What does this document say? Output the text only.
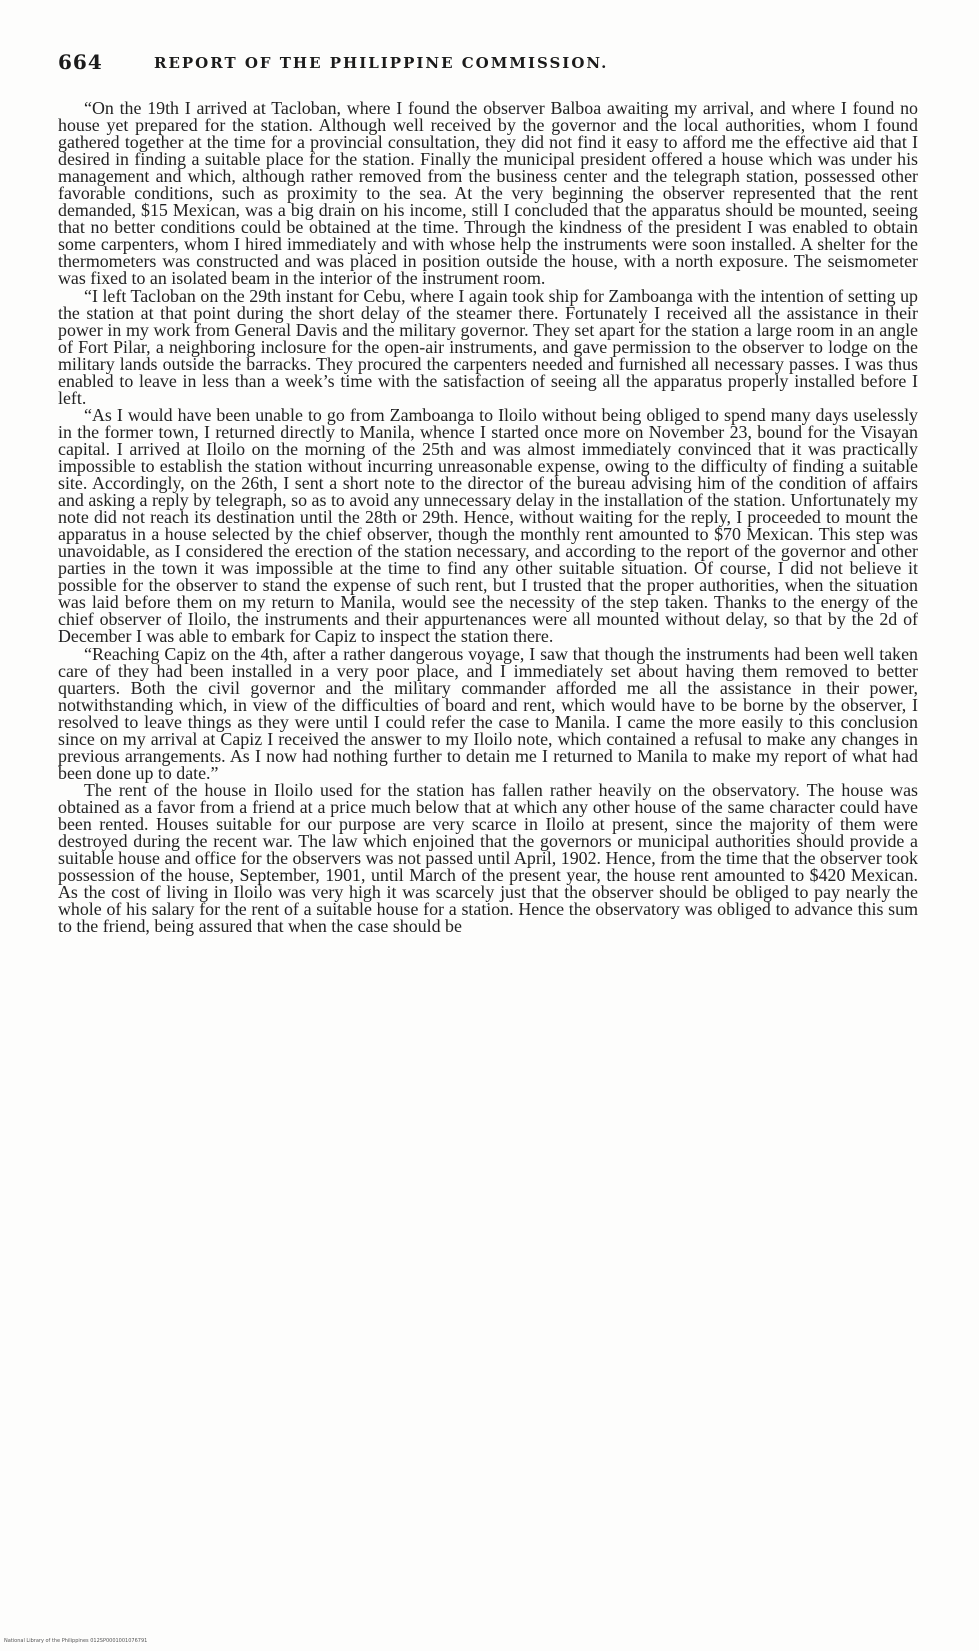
664	REPORT OF THE PHILIPPINE COMMISSION.

“On the 19th I arrived at Tacloban, where I found the observer Balboa awaiting my arrival, and where I found no house yet prepared for the station. Although well received by the governor and the local authorities, whom I found gathered together at the time for a provincial consultation, they did not find it easy to afford me the effective aid that I desired in finding a suitable place for the station. Finally the municipal president offered a house which was under his management and which, although rather removed from the business center and the telegraph station, possessed other favorable conditions, such as proximity to the sea. At the very beginning the observer represented that the rent demanded, $15 Mexican, was a big drain on his income, still I concluded that the apparatus should be mounted, seeing that no better conditions could be obtained at the time. Through the kindness of the president I was enabled to obtain some carpenters, whom I hired immediately and with whose help the instruments were soon installed. A shelter for the thermometers was constructed and was placed in position outside the house, with a north exposure. The seismometer was fixed to an isolated beam in the interior of the instrument room.

“I left Tacloban on the 29th instant for Cebu, where I again took ship for Zamboanga with the intention of setting up the station at that point during the short delay of the steamer there. Fortunately I received all the assistance in their power in my work from General Davis and the military governor. They set apart for the station a large room in an angle of Fort Pilar, a neighboring inclosure for the open-air instruments, and gave permission to the observer to lodge on the military lands outside the barracks. They procured the carpenters needed and furnished all necessary passes. I was thus enabled to leave in less than a week’s time with the satisfaction of seeing all the apparatus properly installed before I left.

“As I would have been unable to go from Zamboanga to Iloilo without being obliged to spend many days uselessly in the former town, I returned directly to Manila, whence I started once more on November 23, bound for the Visayan capital. I arrived at Iloilo on the morning of the 25th and was almost immediately convinced that it was practically impossible to establish the station without incurring unreasonable expense, owing to the difficulty of finding a suitable site. Accordingly, on the 26th, I sent a short note to the director of the bureau advising him of the condition of affairs and asking a reply by telegraph, so as to avoid any unnecessary delay in the installation of the station. Unfortunately my note did not reach its destination until the 28th or 29th. Hence, without waiting for the reply, I proceeded to mount the apparatus in a house selected by the chief observer, though the monthly rent amounted to $70 Mexican. This step was unavoidable, as I considered the erection of the station necessary, and according to the report of the governor and other parties in the town it was impossible at the time to find any other suitable situation. Of course, I did not believe it possible for the observer to stand the expense of such rent, but I trusted that the proper authorities, when the situation was laid before them on my return to Manila, would see the necessity of the step taken. Thanks to the energy of the chief observer of Iloilo, the instruments and their appurtenances were all mounted without delay, so that by the 2d of December I was able to embark for Capiz to inspect the station there.

“Reaching Capiz on the 4th, after a rather dangerous voyage, I saw that though the instruments had been well taken care of they had been installed in a very poor place, and I immediately set about having them removed to better quarters. Both the civil governor and the military commander afforded me all the assistance in their power, notwithstanding which, in view of the difficulties of board and rent, which would have to be borne by the observer, I resolved to leave things as they were until I could refer the case to Manila. I came the more easily to this conclusion since on my arrival at Capiz I received the answer to my Iloilo note, which contained a refusal to make any changes in previous arrangements. As I now had nothing further to detain me I returned to Manila to make my report of what had been done up to date.”

The rent of the house in Iloilo used for the station has fallen rather heavily on the observatory. The house was obtained as a favor from a friend at a price much below that at which any other house of the same character could have been rented. Houses suitable for our purpose are very scarce in Iloilo at present, since the majority of them were destroyed during the recent war. The law which enjoined that the governors or municipal authorities should provide a suitable house and office for the observers was not passed until April, 1902. Hence, from the time that the observer took possession of the house, September, 1901, until March of the present year, the house rent amounted to $420 Mexican. As the cost of living in Iloilo was very high it was scarcely just that the observer should be obliged to pay nearly the whole of his salary for the rent of a suitable house for a station. Hence the observatory was obliged to advance this sum to the friend, being assured that when the case should be

National Library of the Philippines 012SP0001001076791
